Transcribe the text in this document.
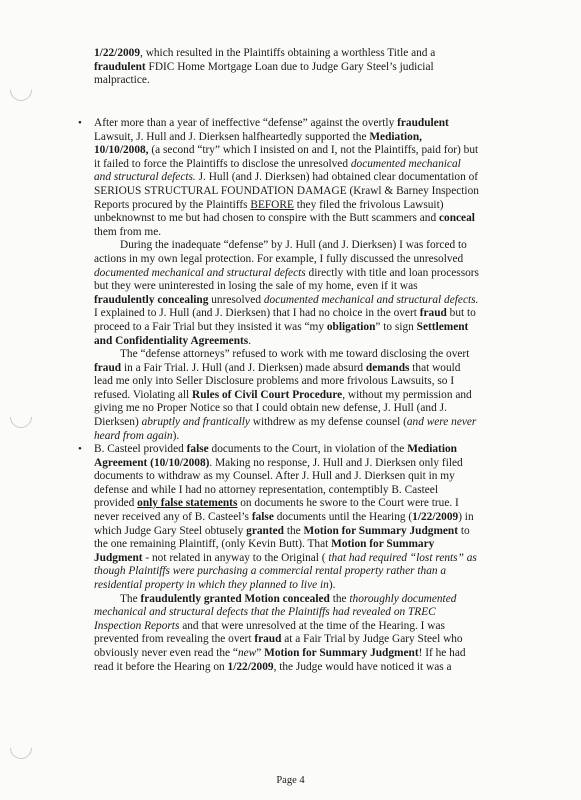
1/22/2009, which resulted in the Plaintiffs obtaining a worthless Title and a fraudulent FDIC Home Mortgage Loan due to Judge Gary Steel’s judicial malpractice.

• After more than a year of ineffective “defense” against the overtly fraudulent Lawsuit, J. Hull and J. Dierksen halfheartedly supported the Mediation, 10/10/2008, (a second “try” which I insisted on and I, not the Plaintiffs, paid for) but it failed to force the Plaintiffs to disclose the unresolved documented mechanical and structural defects. J. Hull (and J. Dierksen) had obtained clear documentation of SERIOUS STRUCTURAL FOUNDATION DAMAGE (Krawl & Barney Inspection Reports procured by the Plaintiffs BEFORE they filed the frivolous Lawsuit) unbeknownst to me but had chosen to conspire with the Butt scammers and conceal them from me.

During the inadequate “defense” by J. Hull (and J. Dierksen) I was forced to actions in my own legal protection. For example, I fully discussed the unresolved documented mechanical and structural defects directly with title and loan processors but they were uninterested in losing the sale of my home, even if it was fraudulently concealing unresolved documented mechanical and structural defects. I explained to J. Hull (and J. Dierksen) that I had no choice in the overt fraud but to proceed to a Fair Trial but they insisted it was “my obligation” to sign Settlement and Confidentiality Agreements.

The “defense attorneys” refused to work with me toward disclosing the overt fraud in a Fair Trial. J. Hull (and J. Dierksen) made absurd demands that would lead me only into Seller Disclosure problems and more frivolous Lawsuits, so I refused. Violating all Rules of Civil Court Procedure, without my permission and giving me no Proper Notice so that I could obtain new defense, J. Hull (and J. Dierksen) abruptly and frantically withdrew as my defense counsel (and were never heard from again).

• B. Casteel provided false documents to the Court, in violation of the Mediation Agreement (10/10/2008). Making no response, J. Hull and J. Dierksen only filed documents to withdraw as my Counsel. After J. Hull and J. Dierksen quit in my defense and while I had no attorney representation, contemptibly B. Casteel provided only false statements on documents he swore to the Court were true. I never received any of B. Casteel’s false documents until the Hearing (1/22/2009) in which Judge Gary Steel obtusely granted the Motion for Summary Judgment to the one remaining Plaintiff, (only Kevin Butt). That Motion for Summary Judgment - not related in anyway to the Original ( that had required “lost rents” as though Plaintiffs were purchasing a commercial rental property rather than a residential property in which they planned to live in).

The fraudulently granted Motion concealed the thoroughly documented mechanical and structural defects that the Plaintiffs had revealed on TREC Inspection Reports and that were unresolved at the time of the Hearing. I was prevented from revealing the overt fraud at a Fair Trial by Judge Gary Steel who obviously never even read the “new” Motion for Summary Judgment! If he had read it before the Hearing on 1/22/2009, the Judge would have noticed it was a

Page 4
